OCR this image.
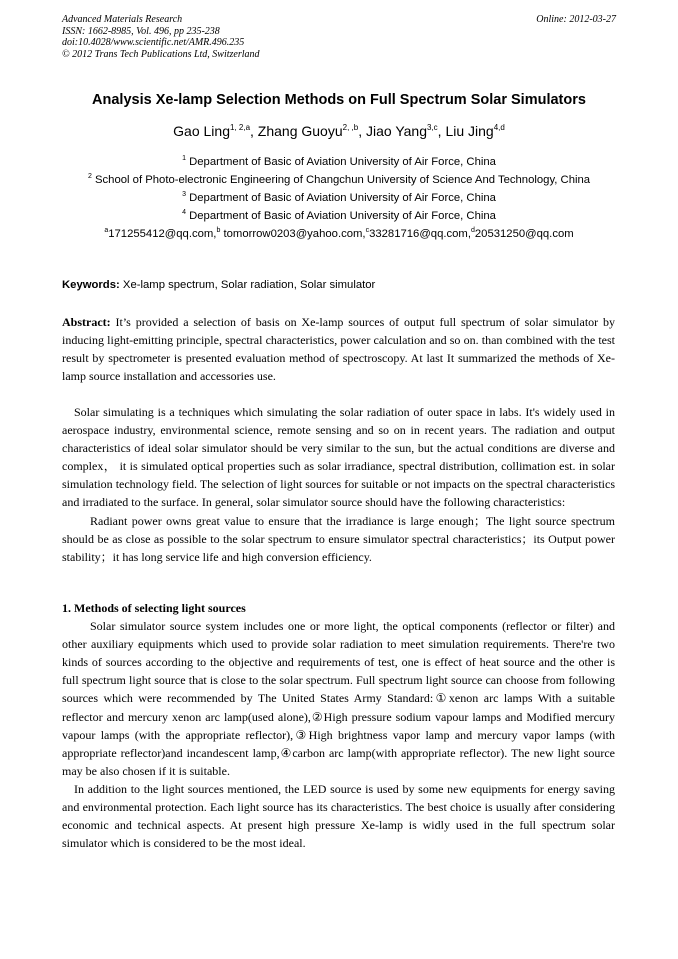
Advanced Materials Research
ISSN: 1662-8985, Vol. 496, pp 235-238
doi:10.4028/www.scientific.net/AMR.496.235
© 2012 Trans Tech Publications Ltd, Switzerland
Online: 2012-03-27
Analysis Xe-lamp Selection Methods on Full Spectrum Solar Simulators
Gao Ling$^{1, 2,a}$, Zhang Guoyu$^{2, ,b}$, Jiao Yang$^{3,c}$, Liu Jing$^{4,d}$
$^1$ Department of Basic of Aviation University of Air Force, China
$^2$ School of Photo-electronic Engineering of Changchun University of Science And Technology, China
$^3$ Department of Basic of Aviation University of Air Force, China
$^4$ Department of Basic of Aviation University of Air Force, China
$^a$171255412@qq.com,$^b$ tomorrow0203@yahoo.com,$^c$33281716@qq.com,$^d$20531250@qq.com
Keywords: Xe-lamp spectrum, Solar radiation, Solar simulator

Abstract: It’s provided a selection of basis on Xe-lamp sources of output full spectrum of solar simulator by inducing light-emitting principle, spectral characteristics, power calculation and so on. than combined with the test result by spectrometer is presented evaluation method of spectroscopy. At last It summarized the methods of Xe-lamp source installation and accessories use.

Solar simulating is a techniques which simulating the solar radiation of outer space in labs. It's widely used in aerospace industry, environmental science, remote sensing and so on in recent years. The radiation and output characteristics of ideal solar simulator should be very similar to the sun, but the actual conditions are diverse and complex， it is simulated optical properties such as solar irradiance, spectral distribution, collimation est. in solar simulation technology field. The selection of light sources for suitable or not impacts on the spectral characteristics and irradiated to the surface. In general, solar simulator source should have the following characteristics:

Radiant power owns great value to ensure that the irradiance is large enough；The light source spectrum should be as close as possible to the solar spectrum to ensure simulator spectral characteristics；its Output power stability；it has long service life and high conversion efficiency.

1. Methods of selecting light sources

Solar simulator source system includes one or more light, the optical components (reflector or filter) and other auxiliary equipments which used to provide solar radiation to meet simulation requirements. There're two kinds of sources according to the objective and requirements of test, one is effect of heat source and the other is full spectrum light source that is close to the solar spectrum. Full spectrum light source can choose from following sources which were recommended by The United States Army Standard:①xenon arc lamps With a suitable reflector and mercury xenon arc lamp(used alone),②High pressure sodium vapour lamps and Modified mercury vapour lamps (with the appropriate reflector),③High brightness vapor lamp and mercury vapor lamps (with appropriate reflector)and incandescent lamp,④carbon arc lamp(with appropriate reflector). The new light source may be also chosen if it is suitable.

In addition to the light sources mentioned, the LED source is used by some new equipments for energy saving and environmental protection. Each light source has its characteristics. The best choice is usually after considering economic and technical aspects. At present high pressure Xe-lamp is widly used in the full spectrum solar simulator which is considered to be the most ideal.
